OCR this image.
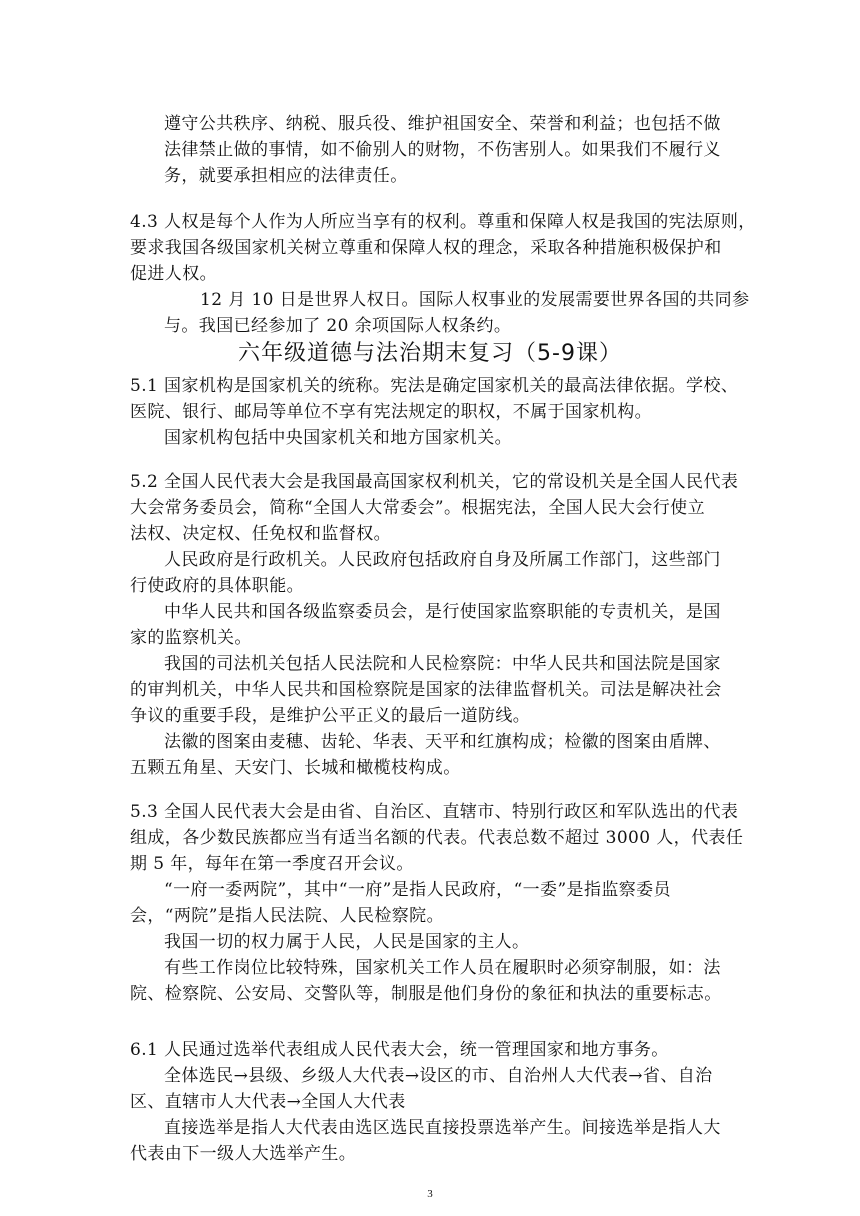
遵守公共秩序、纳税、服兵役、维护祖国安全、荣誉和利益；也包括不做
法律禁止做的事情，如不偷别人的财物，不伤害别人。如果我们不履行义
务，就要承担相应的法律责任。
4.3 人权是每个人作为人所应当享有的权利。尊重和保障人权是我国的宪法原则，
要求我国各级国家机关树立尊重和保障人权的理念，采取各种措施积极保护和
促进人权。
12 月 10 日是世界人权日。国际人权事业的发展需要世界各国的共同参
与。我国已经参加了 20 余项国际人权条约。
六年级道德与法治期末复习（5-9课）
5.1 国家机构是国家机关的统称。宪法是确定国家机关的最高法律依据。学校、
医院、银行、邮局等单位不享有宪法规定的职权，不属于国家机构。
国家机构包括中央国家机关和地方国家机关。
5.2 全国人民代表大会是我国最高国家权利机关，它的常设机关是全国人民代表
大会常务委员会，简称“全国人大常委会”。根据宪法，全国人民大会行使立
法权、决定权、任免权和监督权。
人民政府是行政机关。人民政府包括政府自身及所属工作部门，这些部门
行使政府的具体职能。
中华人民共和国各级监察委员会，是行使国家监察职能的专责机关，是国
家的监察机关。
我国的司法机关包括人民法院和人民检察院：中华人民共和国法院是国家
的审判机关，中华人民共和国检察院是国家的法律监督机关。司法是解决社会
争议的重要手段，是维护公平正义的最后一道防线。
法徽的图案由麦穗、齿轮、华表、天平和红旗构成；检徽的图案由盾牌、
五颗五角星、天安门、长城和橄榄枝构成。
5.3 全国人民代表大会是由省、自治区、直辖市、特别行政区和军队选出的代表
组成，各少数民族都应当有适当名额的代表。代表总数不超过 3000 人，代表任
期 5 年，每年在第一季度召开会议。
“一府一委两院”，其中“一府”是指人民政府，“一委”是指监察委员
会，“两院”是指人民法院、人民检察院。
我国一切的权力属于人民，人民是国家的主人。
有些工作岗位比较特殊，国家机关工作人员在履职时必须穿制服，如：法
院、检察院、公安局、交警队等，制服是他们身份的象征和执法的重要标志。
6.1 人民通过选举代表组成人民代表大会，统一管理国家和地方事务。
全体选民→县级、乡级人大代表→设区的市、自治州人大代表→省、自治
区、直辖市人大代表→全国人大代表
直接选举是指人大代表由选区选民直接投票选举产生。间接选举是指人大
代表由下一级人大选举产生。
3
